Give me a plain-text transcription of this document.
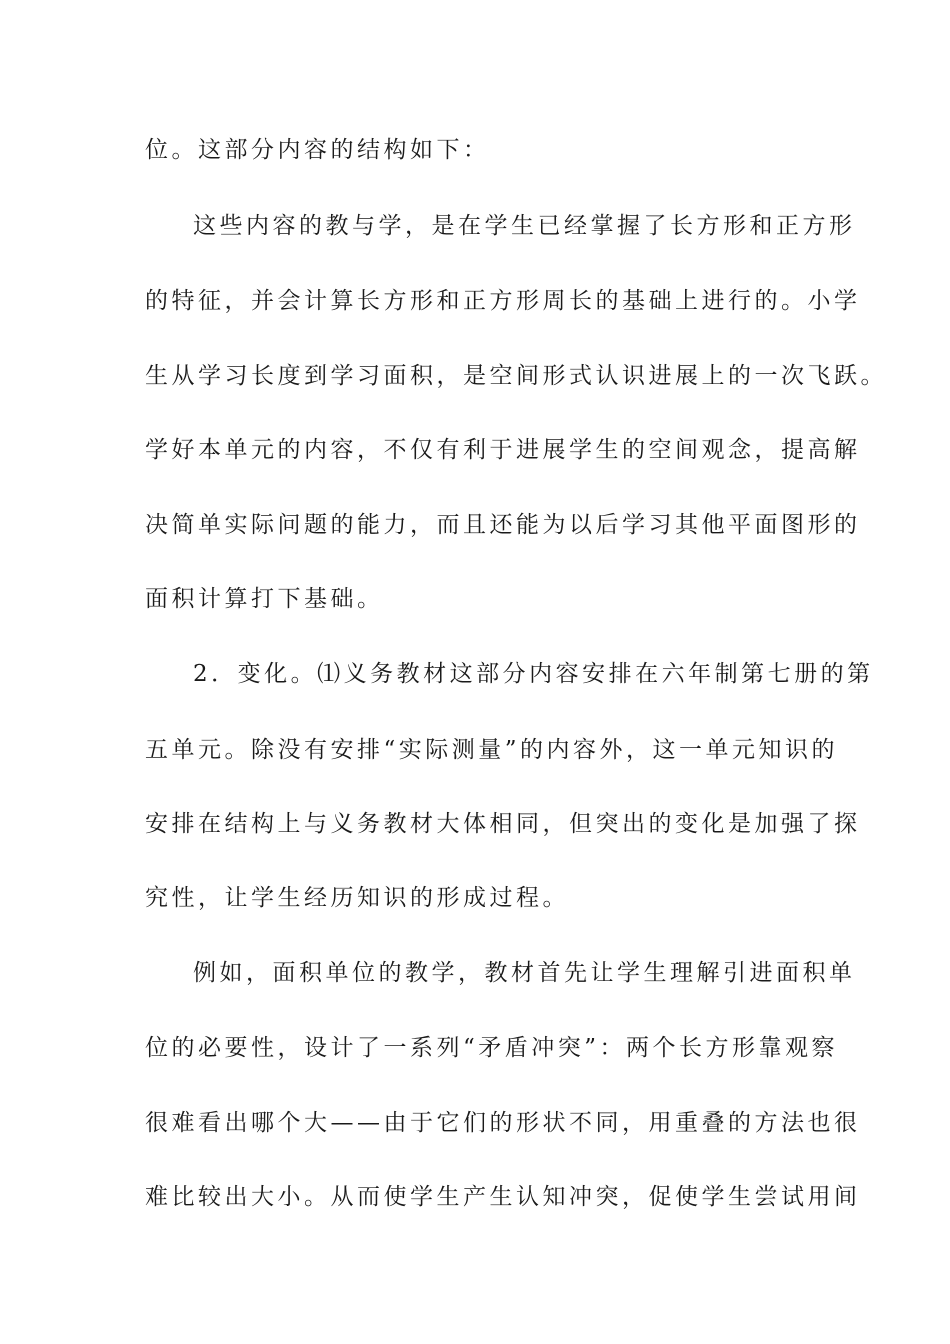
位。这部分内容的结构如下：
这些内容的教与学，是在学生已经掌握了长方形和正方形
的特征，并会计算长方形和正方形周长的基础上进行的。小学
生从学习长度到学习面积，是空间形式认识进展上的一次飞跃。
学好本单元的内容，不仅有利于进展学生的空间观念，提高解
决简单实际问题的能力，而且还能为以后学习其他平面图形的
面积计算打下基础。
2．变化。⑴义务教材这部分内容安排在六年制第七册的第
五单元。除没有安排“实际测量”的内容外，这一单元知识的
安排在结构上与义务教材大体相同，但突出的变化是加强了探
究性，让学生经历知识的形成过程。
例如，面积单位的教学，教材首先让学生理解引进面积单
位的必要性，设计了一系列“矛盾冲突”：两个长方形靠观察
很难看出哪个大——由于它们的形状不同，用重叠的方法也很
难比较出大小。从而使学生产生认知冲突，促使学生尝试用间
